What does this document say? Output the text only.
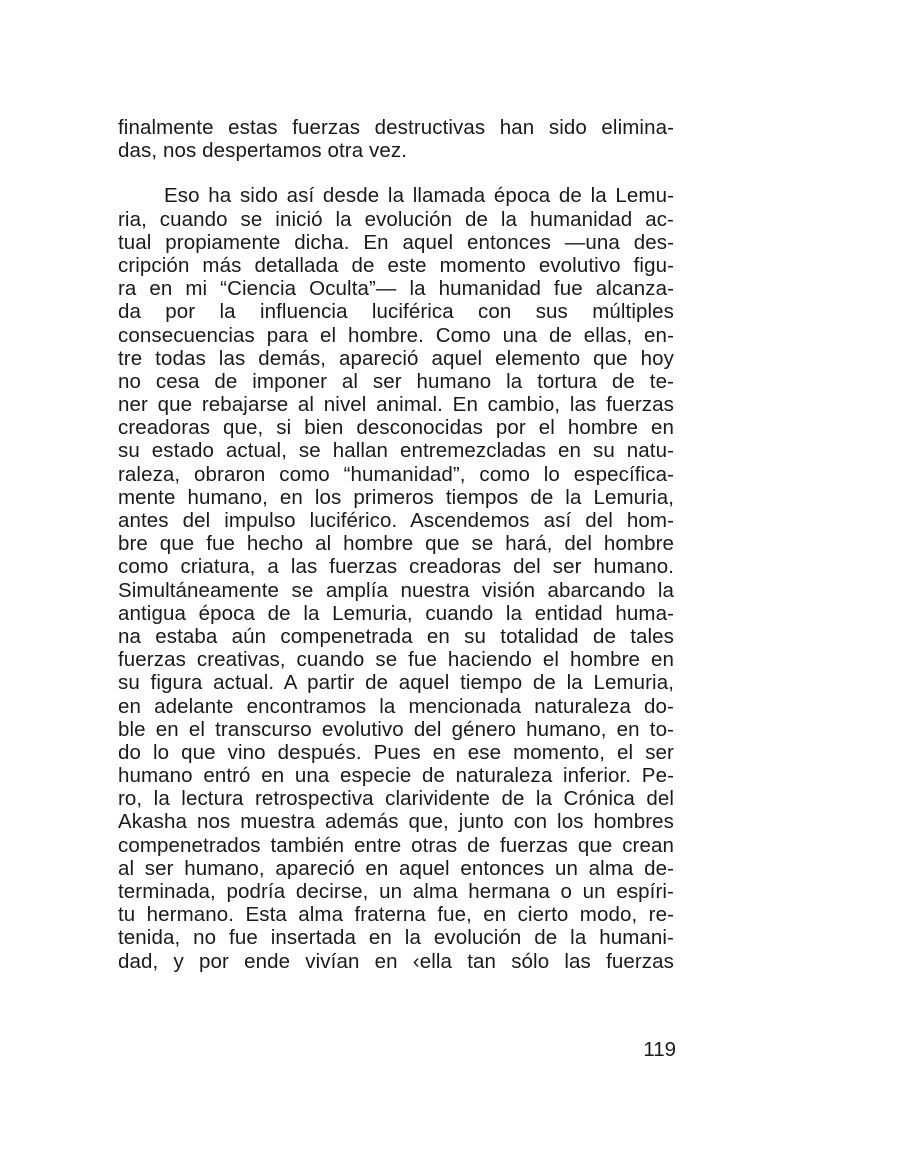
finalmente estas fuerzas destructivas han sido elimina-
das, nos despertamos otra vez.
Eso ha sido así desde la llamada época de la Lemu-
ria, cuando se inició la evolución de la humanidad ac-
tual propiamente dicha. En aquel entonces —una des-
cripción más detallada de este momento evolutivo figu-
ra en mi “Ciencia Oculta”— la humanidad fue alcanza-
da por la influencia luciférica con sus múltiples
consecuencias para el hombre. Como una de ellas, en-
tre todas las demás, apareció aquel elemento que hoy
no cesa de imponer al ser humano la tortura de te-
ner que rebajarse al nivel animal. En cambio, las fuerzas
creadoras que, si bien desconocidas por el hombre en
su estado actual, se hallan entremezcladas en su natu-
raleza, obraron como “humanidad”, como lo específica-
mente humano, en los primeros tiempos de la Lemuria,
antes del impulso luciférico. Ascendemos así del hom-
bre que fue hecho al hombre que se hará, del hombre
como criatura, a las fuerzas creadoras del ser humano.
Simultáneamente se amplía nuestra visión abarcando la
antigua época de la Lemuria, cuando la entidad huma-
na estaba aún compenetrada en su totalidad de tales
fuerzas creativas, cuando se fue haciendo el hombre en
su figura actual. A partir de aquel tiempo de la Lemuria,
en adelante encontramos la mencionada naturaleza do-
ble en el transcurso evolutivo del género humano, en to-
do lo que vino después. Pues en ese momento, el ser
humano entró en una especie de naturaleza inferior. Pe-
ro, la lectura retrospectiva clarividente de la Crónica del
Akasha nos muestra además que, junto con los hombres
compenetrados también entre otras de fuerzas que crean
al ser humano, apareció en aquel entonces un alma de-
terminada, podría decirse, un alma hermana o un espíri-
tu hermano. Esta alma fraterna fue, en cierto modo, re-
tenida, no fue insertada en la evolución de la humani-
dad, y por ende vivían en ‹ella tan sólo las fuerzas
119
